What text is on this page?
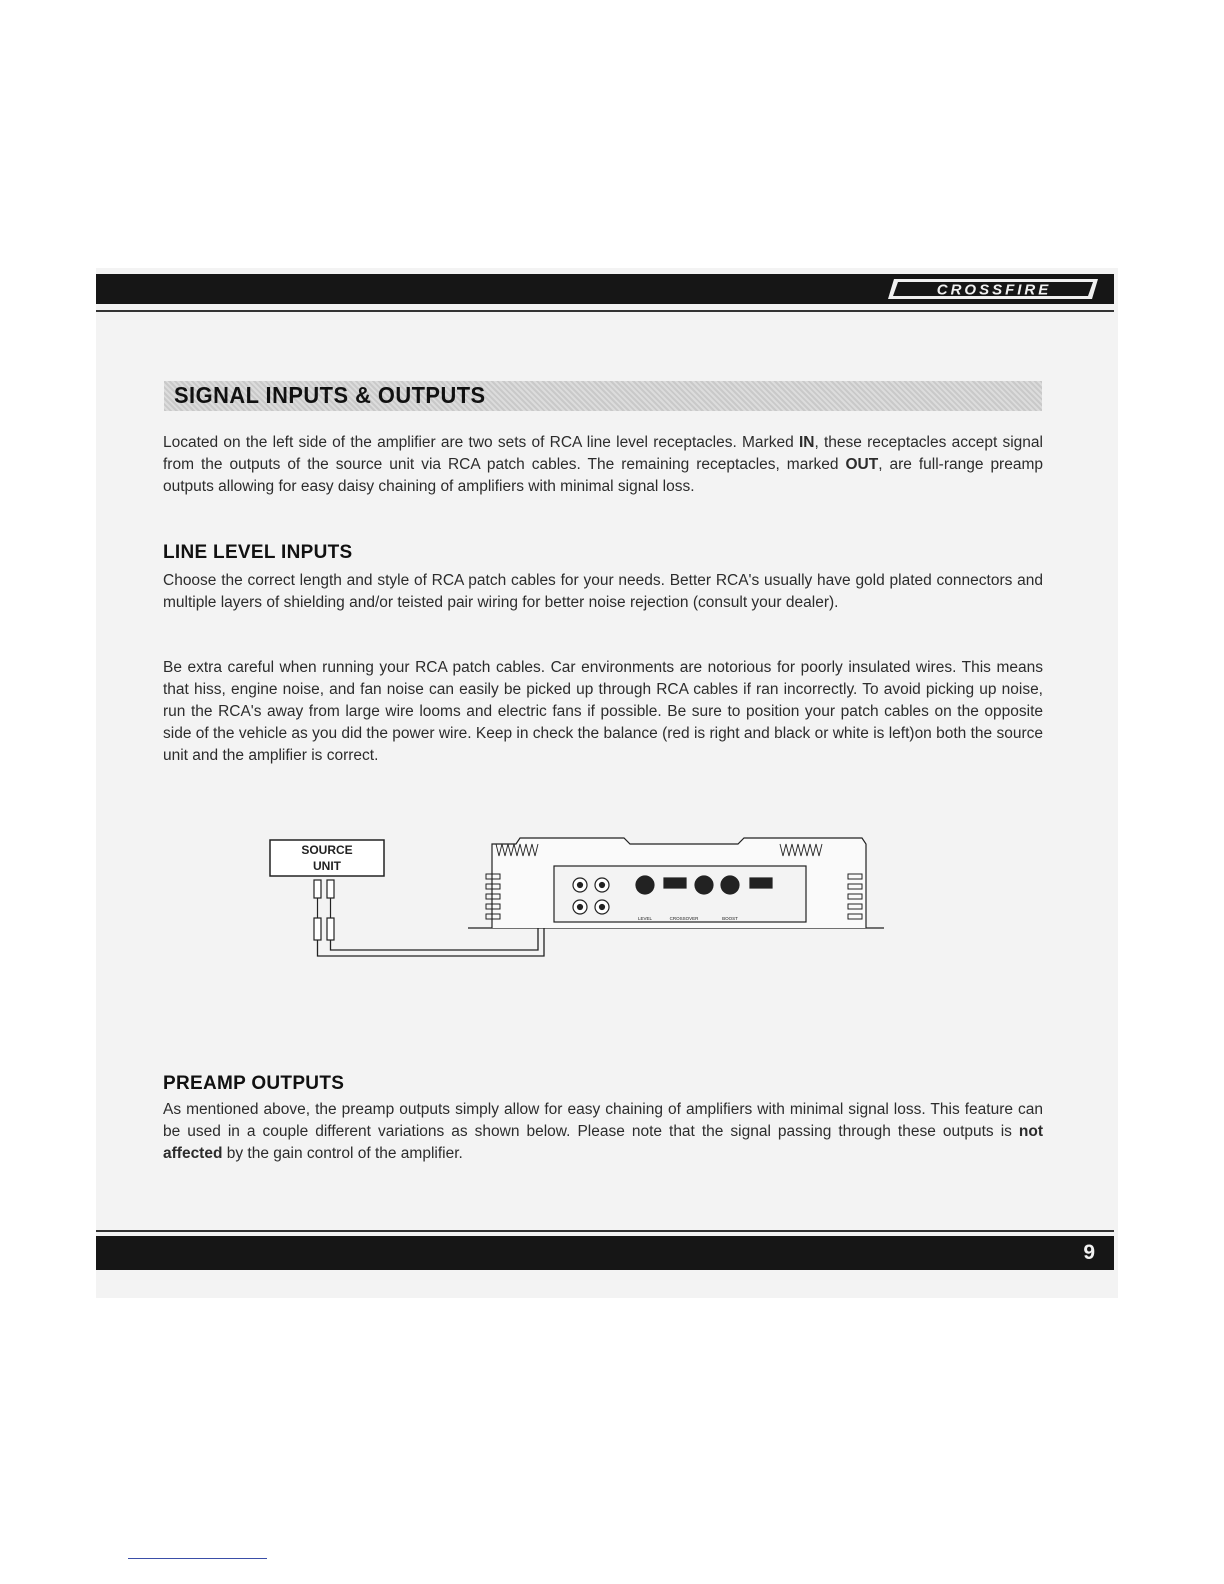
CROSSFIRE
SIGNAL INPUTS & OUTPUTS

Located on the left side of the amplifier are two sets of RCA line level receptacles. Marked IN, these receptacles accept signal from the outputs of the source unit via RCA patch cables. The remaining receptacles, marked OUT, are full-range preamp outputs allowing for easy daisy chaining of amplifiers with minimal signal loss.

LINE LEVEL INPUTS

Choose the correct length and style of RCA patch cables for your needs. Better RCA's usually have gold plated connectors and multiple layers of shielding and/or teisted pair wiring for better noise rejection (consult your dealer).

Be extra careful when running your RCA patch cables. Car environments are notorious for poorly insulated wires. This means that hiss, engine noise, and fan noise can easily be picked up through RCA cables if ran incorrectly. To avoid picking up noise, run the RCA's away from large wire looms and electric fans if possible. Be sure to position your patch cables on the opposite side of the vehicle as you did the power wire. Keep in check the balance (red is right and black or white is left)on both the source unit and the amplifier is correct.

SOURCE
UNIT
LEVEL	CROSSOVER	BOOST
PREAMP OUTPUTS

As mentioned above, the preamp outputs simply allow for easy chaining of amplifiers with minimal signal loss. This feature can be used in a couple different variations as shown below. Please note that the signal passing through these outputs is not affected by the gain control of the amplifier.

9
